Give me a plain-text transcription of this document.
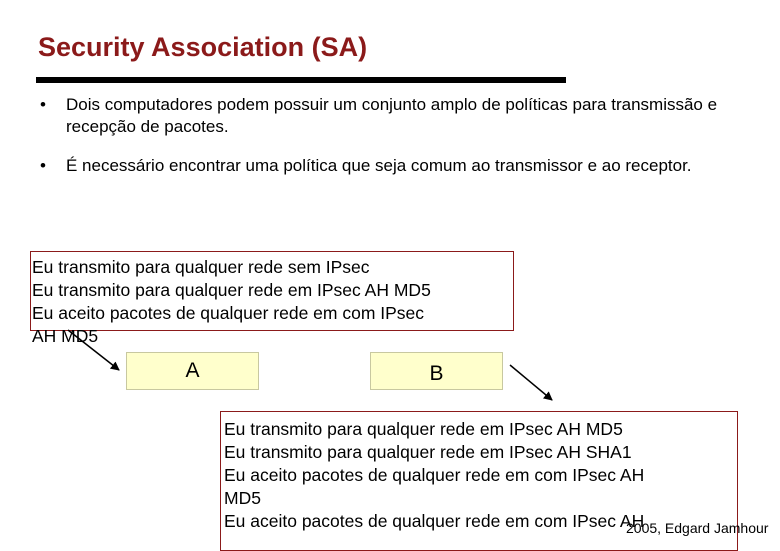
Security Association (SA)
• Dois computadores podem possuir um conjunto amplo de políticas para transmissão e recepção de pacotes.
• É necessário encontrar uma política que seja comum ao transmissor e ao receptor.
Eu transmito para qualquer rede sem IPsec
Eu transmito para qualquer rede em IPsec AH MD5
Eu aceito pacotes de qualquer rede em com IPsec
AH MD5
A	B
Eu transmito para qualquer rede em IPsec AH MD5
Eu transmito para qualquer rede em IPsec AH SHA1
Eu aceito pacotes de qualquer rede em com IPsec AH
MD5
Eu aceito pacotes de qualquer rede em com IPsec AH
2005, Edgard Jamhour
